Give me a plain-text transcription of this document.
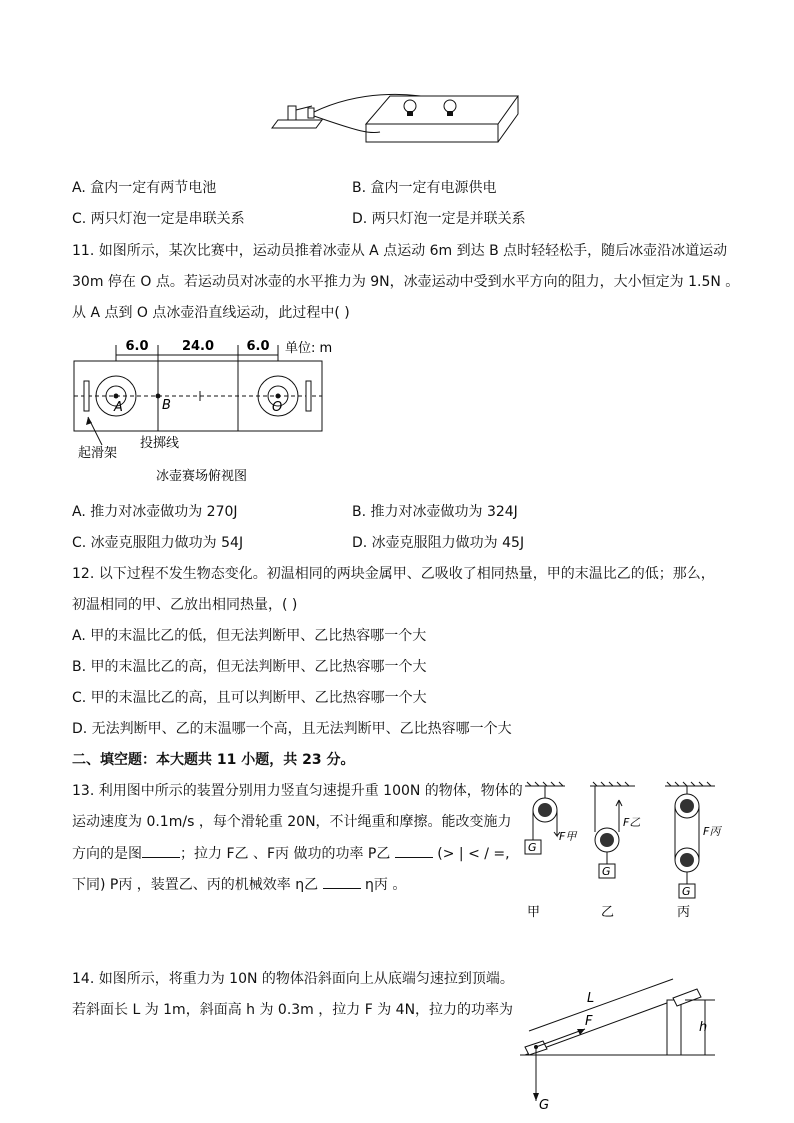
A. 盒内一定有两节电池	B. 盒内一定有电源供电
C. 两只灯泡一定是串联关系	D. 两只灯泡一定是并联关系
11. 如图所示，某次比赛中，运动员推着冰壶从 A 点运动 6m 到达 B 点时轻轻松手，随后冰壶沿冰道运动
30m 停在 O 点。若运动员对冰壶的水平推力为 9N，冰壶运动中受到水平方向的阻力，大小恒定为 1.5N 。
从 A 点到 O 点冰壶沿直线运动，此过程中( )
6.0	24.0 6.0 单位: m
A	B	O
起滑架
投掷线
冰壶赛场俯视图
A. 推力对冰壶做功为 270J	B. 推力对冰壶做功为 324J
C. 冰壶克服阻力做功为 54J	D. 冰壶克服阻力做功为 45J
12. 以下过程不发生物态变化。初温相同的两块金属甲、乙吸收了相同热量，甲的末温比乙的低；那么，
初温相同的甲、乙放出相同热量，( )
A. 甲的末温比乙的低，但无法判断甲、乙比热容哪一个大
B. 甲的末温比乙的高，但无法判断甲、乙比热容哪一个大
C. 甲的末温比乙的高，且可以判断甲、乙比热容哪一个大
D. 无法判断甲、乙的末温哪一个高，且无法判断甲、乙比热容哪一个大
二、填空题：本大题共 11 小题，共 23 分。
13. 利用图中所示的装置分别用力竖直匀速提升重 100N 的物体，物体的
运动速度为 0.1m/s ，每个滑轮重 20N，不计绳重和摩擦。能改变施力
方向的是图	；拉力 F乙 、F丙 做功的功率 P乙	(> | < / =,
下同) P丙 ，装置乙、丙的机械效率 η乙	η丙 。
F甲
G
F乙
G
F丙
G
甲	乙	丙
14. 如图所示，将重力为 10N 的物体沿斜面向上从底端匀速拉到顶端。
若斜面长 L 为 1m，斜面高 h 为 0.3m ，拉力 F 为 4N，拉力的功率为
F
L
h
G
